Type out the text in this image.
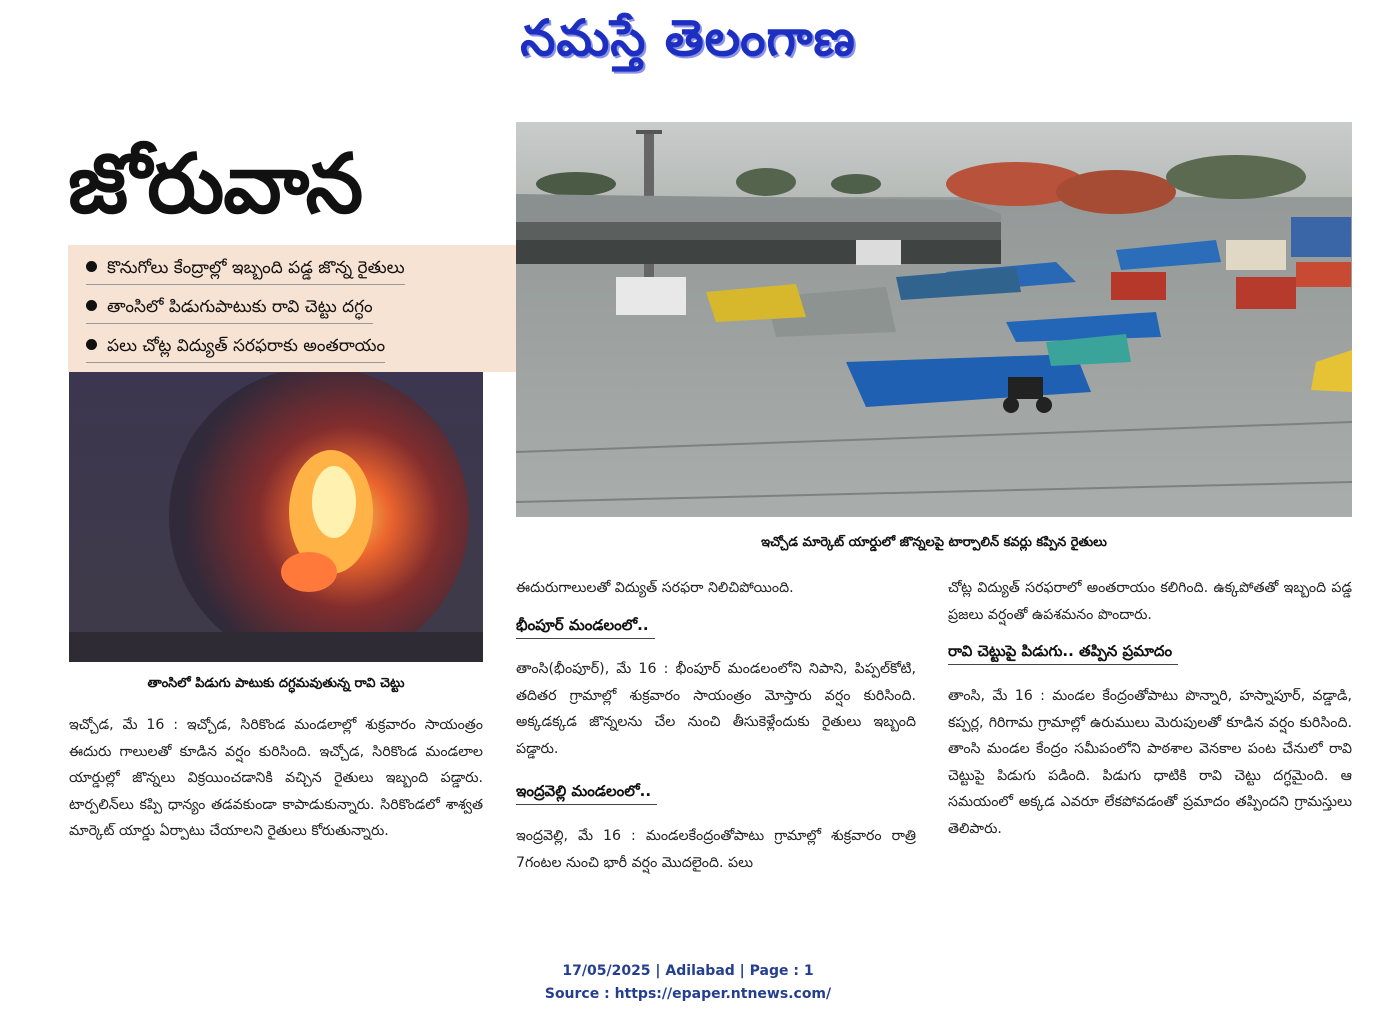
నమస్తే తెలంగాణ
జోరువాన
కొనుగోలు కేంద్రాల్లో ఇబ్బంది పడ్డ జొన్న రైతులు
తాంసిలో పిడుగుపాటుకు రావి చెట్టు దగ్ధం
పలు చోట్ల విద్యుత్ సరఫరాకు అంతరాయం
ఇచ్చోడ మార్కెట్ యార్డులో జొన్నలపై టార్పాలిన్ కవర్లు కప్పిన రైతులు
తాంసిలో పిడుగు పాటుకు దగ్ధమవుతున్న రావి చెట్టు

ఇచ్చోడ, మే 16 : ఇచ్చోడ, సిరికొండ మండలాల్లో శుక్రవారం సాయంత్రం ఈదురు గాలులతో కూడిన వర్షం కురిసింది. ఇచ్చోడ, సిరికొండ మండలాల యార్డుల్లో జొన్నలు విక్రయించడానికి వచ్చిన రైతులు ఇబ్బంది పడ్డారు. టార్పలిన్‌లు కప్పి ధాన్యం తడవకుండా కాపాడుకున్నారు. సిరికొండలో శాశ్వత మార్కెట్ యార్డు ఏర్పాటు చేయాలని రైతులు కోరుతున్నారు.

ఈదురుగాలులతో విద్యుత్ సరఫరా నిలిచిపోయింది.

భీంపూర్ మండలంలో..

తాంసి(భీంపూర్), మే 16 : భీంపూర్ మండలంలోని నిపాని, పిప్పల్‌కోటి, తదితర గ్రామాల్లో శుక్రవారం సాయంత్రం మోస్తారు వర్షం కురిసింది. అక్కడక్కడ జొన్నలను చేల నుంచి తీసుకెళ్లేందుకు రైతులు ఇబ్బంది పడ్డారు.

ఇంద్రవెల్లి మండలంలో..

ఇంద్రవెల్లి, మే 16 : మండలకేంద్రంతోపాటు గ్రామాల్లో శుక్రవారం రాత్రి 7గంటల నుంచి భారీ వర్షం మొదలైంది. పలు

చోట్ల విద్యుత్ సరఫరాలో అంతరాయం కలిగింది. ఉక్కపోతతో ఇబ్బంది పడ్డ ప్రజలు వర్షంతో ఉపశమనం పొందారు.

రావి చెట్టుపై పిడుగు.. తప్పిన ప్రమాదం

తాంసి, మే 16 : మండల కేంద్రంతోపాటు పొన్నారి, హస్నాపూర్, వడ్డాడి, కప్పర్ల, గిరిగామ గ్రామాల్లో ఉరుములు మెరుపులతో కూడిన వర్షం కురిసింది. తాంసి మండల కేంద్రం సమీపంలోని పాఠశాల వెనకాల పంట చేనులో రావి చెట్టుపై పిడుగు పడింది. పిడుగు ధాటికి రావి చెట్టు దగ్ధమైంది. ఆ సమయంలో అక్కడ ఎవరూ లేకపోవడంతో ప్రమాదం తప్పిందని గ్రామస్తులు తెలిపారు.

17/05/2025 | Adilabad | Page : 1
Source : https://epaper.ntnews.com/
